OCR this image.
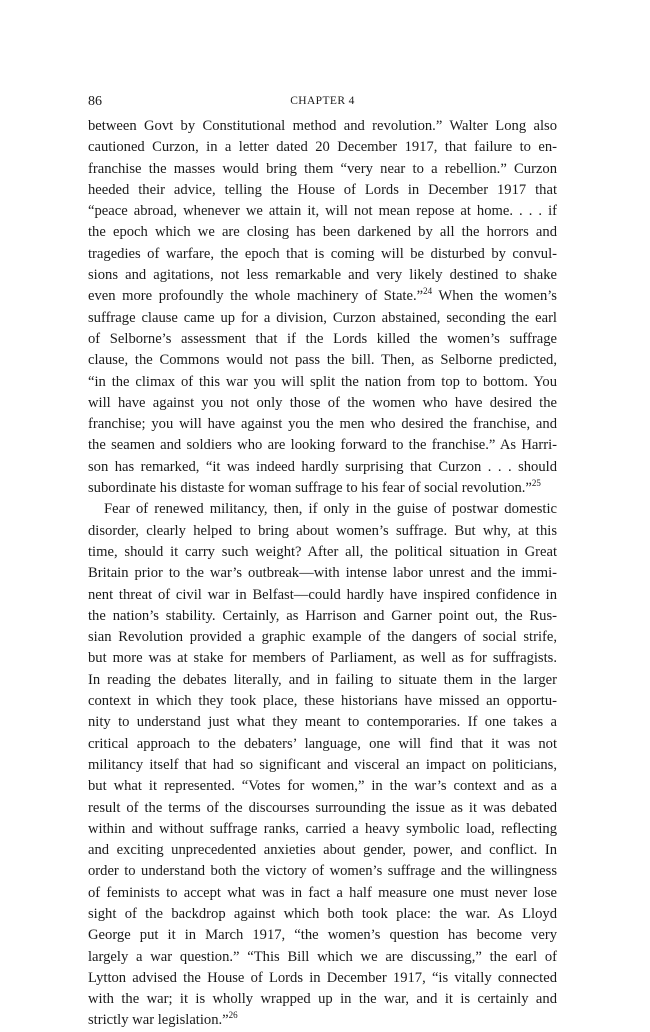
86	CHAPTER 4
between Govt by Constitutional method and revolution.” Walter Long also
cautioned Curzon, in a letter dated 20 December 1917, that failure to en-
franchise the masses would bring them “very near to a rebellion.” Curzon
heeded their advice, telling the House of Lords in December 1917 that
“peace abroad, whenever we attain it, will not mean repose at home. . . . if
the epoch which we are closing has been darkened by all the horrors and
tragedies of warfare, the epoch that is coming will be disturbed by convul-
sions and agitations, not less remarkable and very likely destined to shake
even more profoundly the whole machinery of State.”$^{24}$ When the women’s
suffrage clause came up for a division, Curzon abstained, seconding the earl
of Selborne’s assessment that if the Lords killed the women’s suffrage
clause, the Commons would not pass the bill. Then, as Selborne predicted,
“in the climax of this war you will split the nation from top to bottom. You
will have against you not only those of the women who have desired the
franchise; you will have against you the men who desired the franchise, and
the seamen and soldiers who are looking forward to the franchise.” As Harri-
son has remarked, “it was indeed hardly surprising that Curzon . . . should
subordinate his distaste for woman suffrage to his fear of social revolution.”$^{25}$
Fear of renewed militancy, then, if only in the guise of postwar domestic
disorder, clearly helped to bring about women’s suffrage. But why, at this
time, should it carry such weight? After all, the political situation in Great
Britain prior to the war’s outbreak—with intense labor unrest and the immi-
nent threat of civil war in Belfast—could hardly have inspired confidence in
the nation’s stability. Certainly, as Harrison and Garner point out, the Rus-
sian Revolution provided a graphic example of the dangers of social strife,
but more was at stake for members of Parliament, as well as for suffragists.
In reading the debates literally, and in failing to situate them in the larger
context in which they took place, these historians have missed an opportu-
nity to understand just what they meant to contemporaries. If one takes a
critical approach to the debaters’ language, one will find that it was not
militancy itself that had so significant and visceral an impact on politicians,
but what it represented. “Votes for women,” in the war’s context and as a
result of the terms of the discourses surrounding the issue as it was debated
within and without suffrage ranks, carried a heavy symbolic load, reflecting
and exciting unprecedented anxieties about gender, power, and conflict. In
order to understand both the victory of women’s suffrage and the willingness
of feminists to accept what was in fact a half measure one must never lose
sight of the backdrop against which both took place: the war. As Lloyd
George put it in March 1917, “the women’s question has become very
largely a war question.” “This Bill which we are discussing,” the earl of
Lytton advised the House of Lords in December 1917, “is vitally connected
with the war; it is wholly wrapped up in the war, and it is certainly and
strictly war legislation.”$^{26}$
